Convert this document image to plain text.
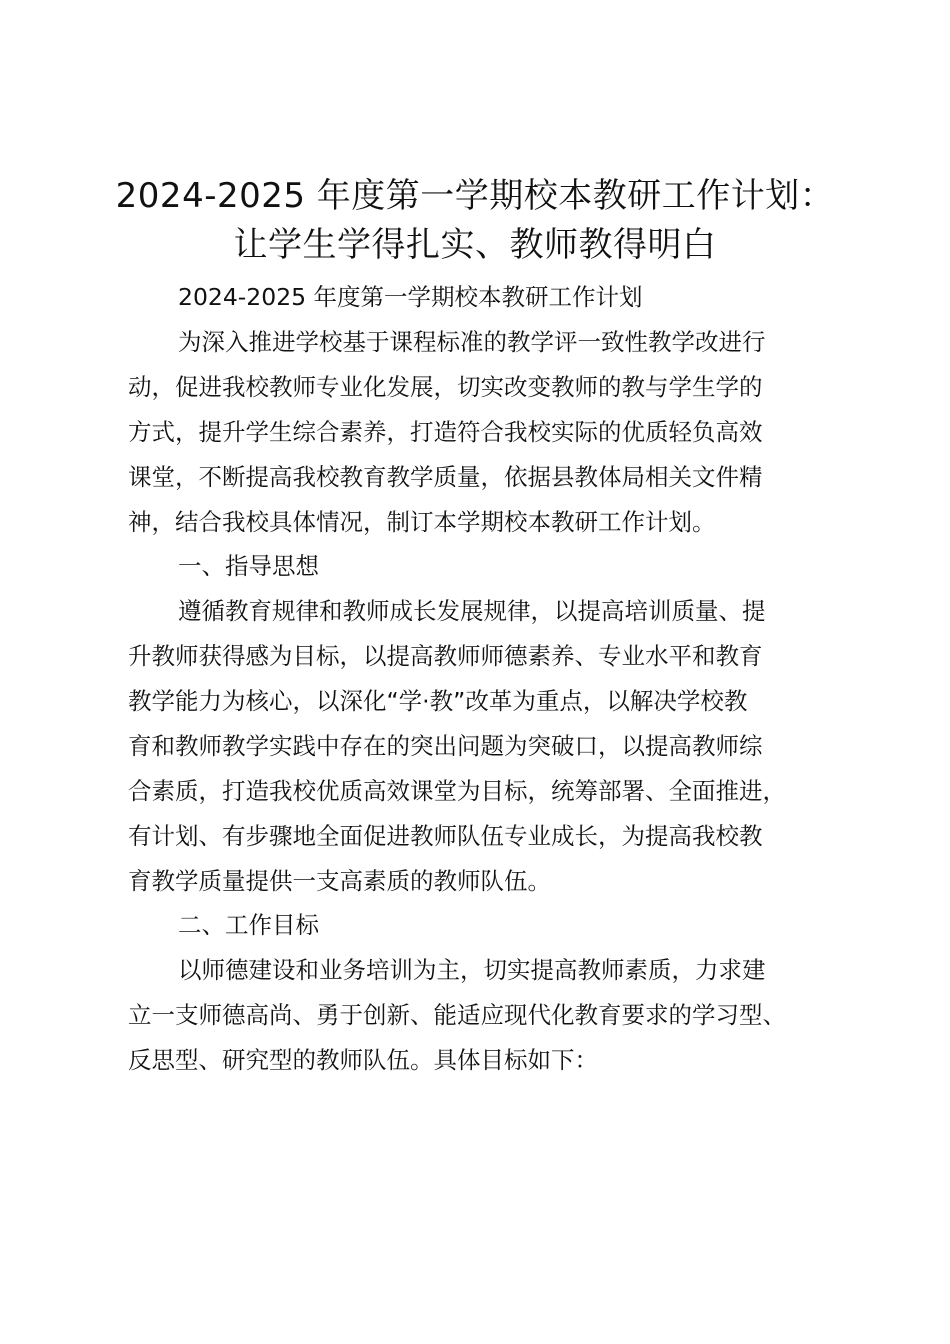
2024-2025 年度第一学期校本教研工作计划：
让学生学得扎实、教师教得明白

2024-2025 年度第一学期校本教研工作计划

为深入推进学校基于课程标准的教学评一致性教学改进行

动，促进我校教师专业化发展，切实改变教师的教与学生学的

方式，提升学生综合素养，打造符合我校实际的优质轻负高效

课堂，不断提高我校教育教学质量，依据县教体局相关文件精

神，结合我校具体情况，制订本学期校本教研工作计划。

一、指导思想

遵循教育规律和教师成长发展规律，以提高培训质量、提

升教师获得感为目标，以提高教师师德素养、专业水平和教育

教学能力为核心，以深化“学·教”改革为重点，以解决学校教

育和教师教学实践中存在的突出问题为突破口，以提高教师综

合素质，打造我校优质高效课堂为目标，统筹部署、全面推进，

有计划、有步骤地全面促进教师队伍专业成长，为提高我校教

育教学质量提供一支高素质的教师队伍。

二、工作目标

以师德建设和业务培训为主，切实提高教师素质，力求建

立一支师德高尚、勇于创新、能适应现代化教育要求的学习型、

反思型、研究型的教师队伍。具体目标如下：
